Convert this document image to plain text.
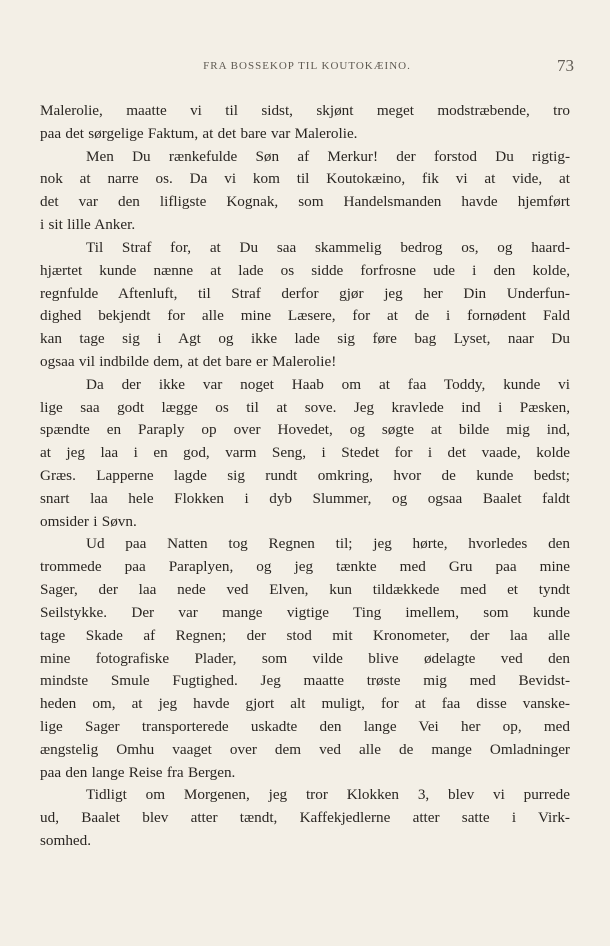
FRA BOSSEKOP TIL KOUTOKÆINO.	73
Malerolie, maatte vi til sidst, skjønt meget modstræbende, tro
paa det sørgelige Faktum, at det bare var Malerolie.
Men Du rænkefulde Søn af Merkur! der forstod Du rigtig-
nok at narre os. Da vi kom til Koutokæino, fik vi at vide, at
det var den lifligste Kognak, som Handelsmanden havde hjemført
i sit lille Anker.
Til Straf for, at Du saa skammelig bedrog os, og haard-
hjærtet kunde nænne at lade os sidde forfrosne ude i den kolde,
regnfulde Aftenluft, til Straf derfor gjør jeg her Din Underfun-
dighed bekjendt for alle mine Læsere, for at de i fornødent Fald
kan tage sig i Agt og ikke lade sig føre bag Lyset, naar Du
ogsaa vil indbilde dem, at det bare er Malerolie!
Da der ikke var noget Haab om at faa Toddy, kunde vi
lige saa godt lægge os til at sove. Jeg kravlede ind i Pæsken,
spændte en Paraply op over Hovedet, og søgte at bilde mig ind,
at jeg laa i en god, varm Seng, i Stedet for i det vaade, kolde
Græs. Lapperne lagde sig rundt omkring, hvor de kunde bedst;
snart laa hele Flokken i dyb Slummer, og ogsaa Baalet faldt
omsider i Søvn.
Ud paa Natten tog Regnen til; jeg hørte, hvorledes den
trommede paa Paraplyen, og jeg tænkte med Gru paa mine
Sager, der laa nede ved Elven, kun tildækkede med et tyndt
Seilstykke. Der var mange vigtige Ting imellem, som kunde
tage Skade af Regnen; der stod mit Kronometer, der laa alle
mine fotografiske Plader, som vilde blive ødelagte ved den
mindste Smule Fugtighed. Jeg maatte trøste mig med Bevidst-
heden om, at jeg havde gjort alt muligt, for at faa disse vanske-
lige Sager transporterede uskadte den lange Vei her op, med
ængstelig Omhu vaaget over dem ved alle de mange Omladninger
paa den lange Reise fra Bergen.
Tidligt om Morgenen, jeg tror Klokken 3, blev vi purrede
ud, Baalet blev atter tændt, Kaffekjedlerne atter satte i Virk-
somhed.
